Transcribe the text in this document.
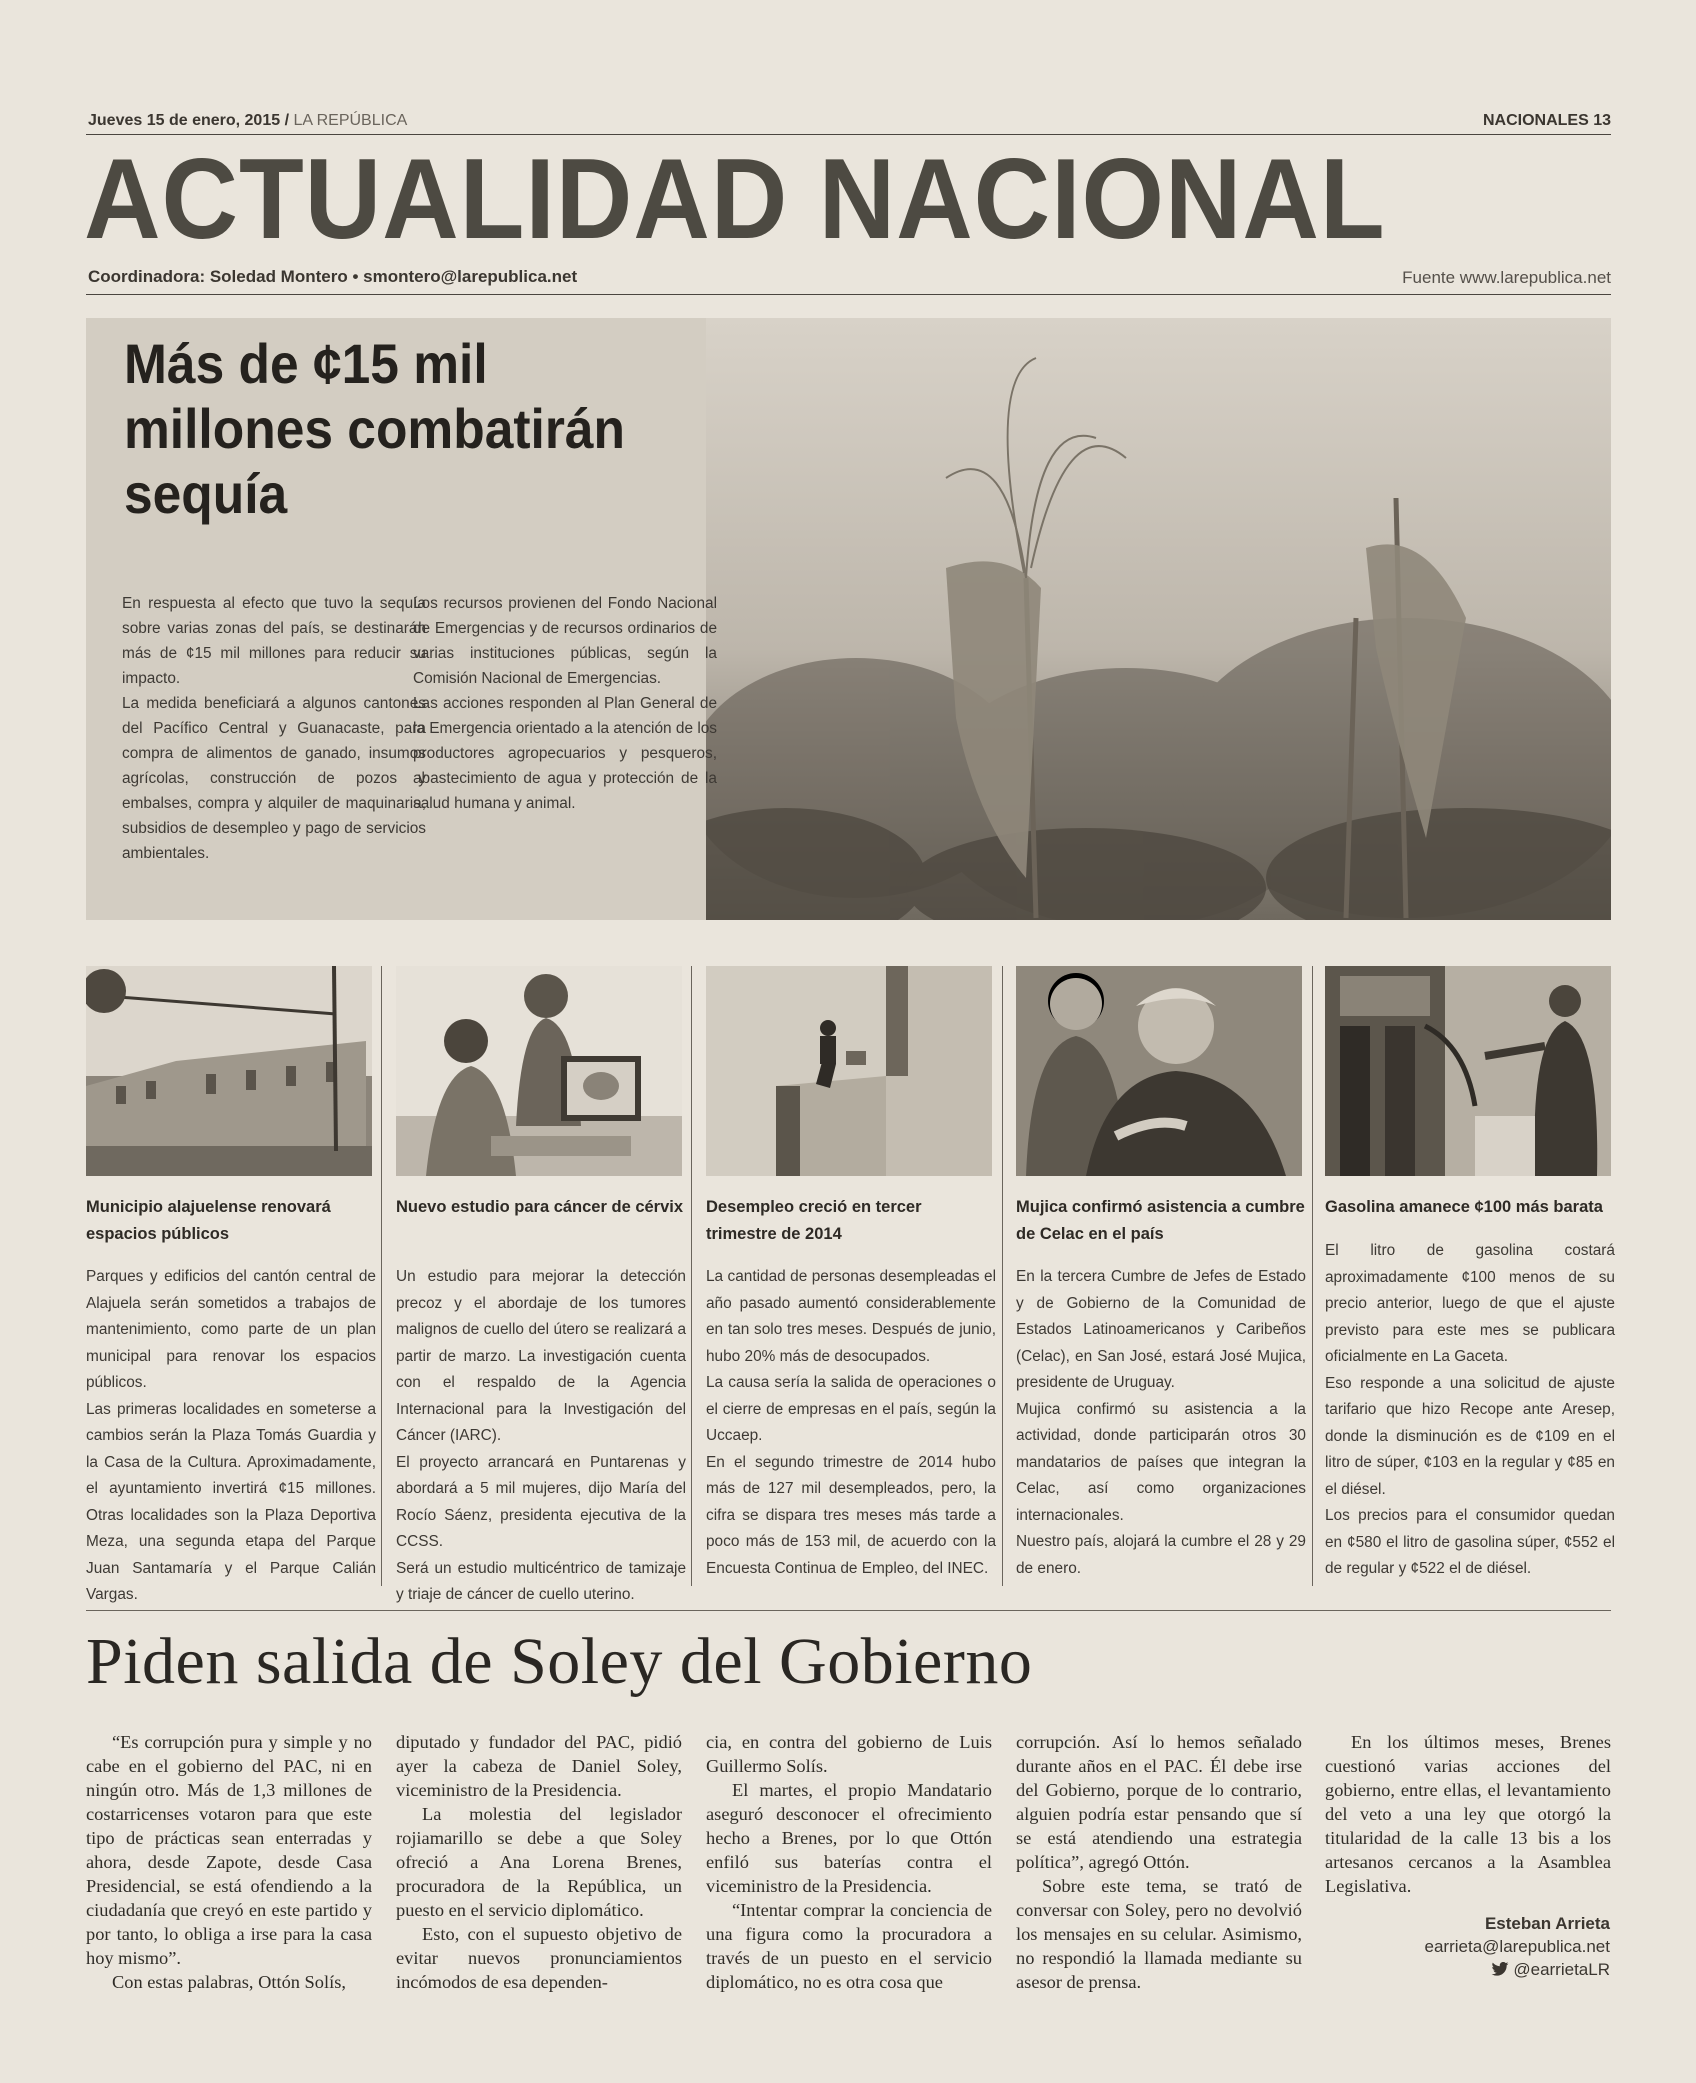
Jueves 15 de enero, 2015 / LA REPÚBLICA	NACIONALES 13
ACTUALIDAD NACIONAL
Coordinadora: Soledad Montero • smontero@larepublica.net	Fuente www.larepublica.net
Más de ¢15 mil millones combatirán sequía

En respuesta al efecto que tuvo la sequía sobre varias zonas del país, se destinarán más de ¢15 mil millones para reducir su impacto.

La medida beneficiará a algunos cantones del Pacífico Central y Guanacaste, para compra de alimentos de ganado, insumos agrícolas, construcción de pozos y embalses, compra y alquiler de maquinaria, subsidios de desempleo y pago de servicios ambientales.

Los recursos provienen del Fondo Nacional de Emergencias y de recursos ordinarios de varias instituciones públicas, según la Comisión Nacional de Emergencias.

Las acciones responden al Plan General de la Emergencia orientado a la atención de los productores agropecuarios y pesqueros, abastecimiento de agua y protección de la salud humana y animal.

Municipio alajuelense renovará espacios públicos

Parques y edificios del cantón central de Alajuela serán sometidos a trabajos de mantenimiento, como parte de un plan municipal para renovar los espacios públicos.

Las primeras localidades en someterse a cambios serán la Plaza Tomás Guardia y la Casa de la Cultura. Aproximadamente, el ayuntamiento invertirá ¢15 millones. Otras localidades son la Plaza Deportiva Meza, una segunda etapa del Parque Juan Santamaría y el Parque Calián Vargas.

Nuevo estudio para cáncer de cérvix

Un estudio para mejorar la detección precoz y el abordaje de los tumores malignos de cuello del útero se realizará a partir de marzo. La investigación cuenta con el respaldo de la Agencia Internacional para la Investigación del Cáncer (IARC).

El proyecto arrancará en Puntarenas y abordará a 5 mil mujeres, dijo María del Rocío Sáenz, presidenta ejecutiva de la CCSS.

Será un estudio multicéntrico de tamizaje y triaje de cáncer de cuello uterino.

Desempleo creció en tercer trimestre de 2014

La cantidad de personas desempleadas el año pasado aumentó considerablemente en tan solo tres meses. Después de junio, hubo 20% más de desocupados.

La causa sería la salida de operaciones o el cierre de empresas en el país, según la Uccaep.

En el segundo trimestre de 2014 hubo más de 127 mil desempleados, pero, la cifra se dispara tres meses más tarde a poco más de 153 mil, de acuerdo con la Encuesta Continua de Empleo, del INEC.

Mujica confirmó asistencia a cumbre de Celac en el país

En la tercera Cumbre de Jefes de Estado y de Gobierno de la Comunidad de Estados Latinoamericanos y Caribeños (Celac), en San José, estará José Mujica, presidente de Uruguay.

Mujica confirmó su asistencia a la actividad, donde participarán otros 30 mandatarios de países que integran la Celac, así como organizaciones internacionales.

Nuestro país, alojará la cumbre el 28 y 29 de enero.

Gasolina amanece ¢100 más barata

El litro de gasolina costará aproximadamente ¢100 menos de su precio anterior, luego de que el ajuste previsto para este mes se publicara oficialmente en La Gaceta.

Eso responde a una solicitud de ajuste tarifario que hizo Recope ante Aresep, donde la disminución es de ¢109 en el litro de súper, ¢103 en la regular y ¢85 en el diésel.

Los precios para el consumidor quedan en ¢580 el litro de gasolina súper, ¢552 el de regular y ¢522 el de diésel.

Piden salida de Soley del Gobierno

“Es corrupción pura y simple y no cabe en el gobierno del PAC, ni en ningún otro. Más de 1,3 millones de costarricenses votaron para que este tipo de prácticas sean enterradas y ahora, desde Zapote, desde Casa Presidencial, se está ofendiendo a la ciudadanía que creyó en este partido y por tanto, lo obliga a irse para la casa hoy mismo”.

Con estas palabras, Ottón Solís,

diputado y fundador del PAC, pidió ayer la cabeza de Daniel Soley, viceministro de la Presidencia.

La molestia del legislador rojiamarillo se debe a que Soley ofreció a Ana Lorena Brenes, procuradora de la República, un puesto en el servicio diplomático.

Esto, con el supuesto objetivo de evitar nuevos pronunciamientos incómodos de esa dependen-

cia, en contra del gobierno de Luis Guillermo Solís.

El martes, el propio Mandatario aseguró desconocer el ofrecimiento hecho a Brenes, por lo que Ottón enfiló sus baterías contra el viceministro de la Presidencia.

“Intentar comprar la conciencia de una figura como la procuradora a través de un puesto en el servicio diplomático, no es otra cosa que

corrupción. Así lo hemos señalado durante años en el PAC. Él debe irse del Gobierno, porque de lo contrario, alguien podría estar pensando que sí se está atendiendo una estrategia política”, agregó Ottón.

Sobre este tema, se trató de conversar con Soley, pero no devolvió los mensajes en su celular. Asimismo, no respondió la llamada mediante su asesor de prensa.

En los últimos meses, Brenes cuestionó varias acciones del gobierno, entre ellas, el levantamiento del veto a una ley que otorgó la titularidad de la calle 13 bis a los artesanos cercanos a la Asamblea Legislativa.

Esteban Arrieta
earrieta@larepublica.net
@earrietaLR
